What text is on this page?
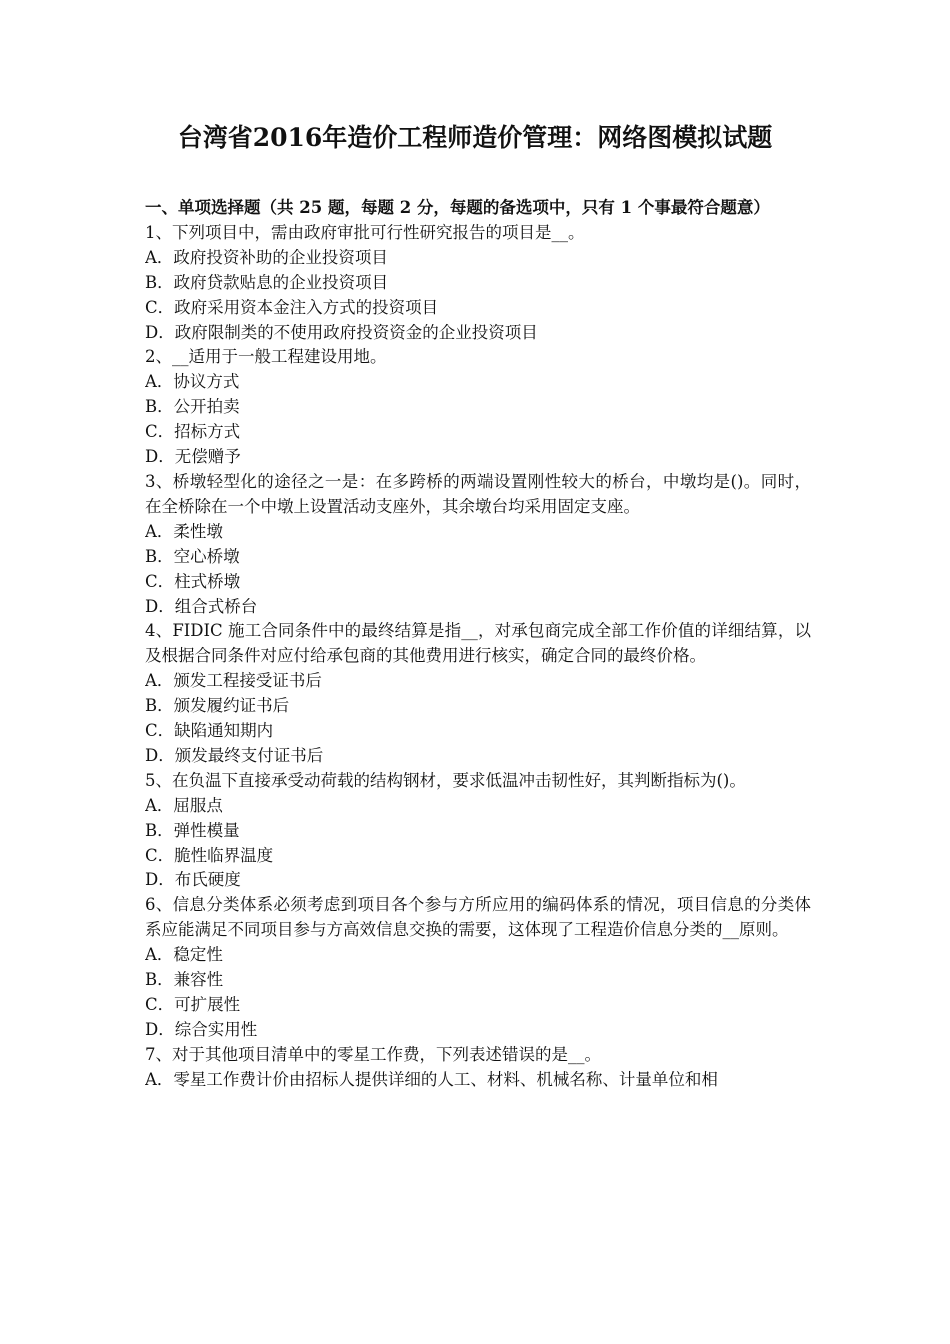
台湾省2016年造价工程师造价管理：网络图模拟试题
一、单项选择题（共 25 题，每题 2 分，每题的备选项中，只有 1 个事最符合题意）
1、下列项目中，需由政府审批可行性研究报告的项目是__。
A．政府投资补助的企业投资项目
B．政府贷款贴息的企业投资项目
C．政府采用资本金注入方式的投资项目
D．政府限制类的不使用政府投资资金的企业投资项目
2、__适用于一般工程建设用地。
A．协议方式
B．公开拍卖
C．招标方式
D．无偿赠予
3、桥墩轻型化的途径之一是：在多跨桥的两端设置刚性较大的桥台，中墩均是()。同时，在全桥除在一个中墩上设置活动支座外，其余墩台均采用固定支座。
A．柔性墩
B．空心桥墩
C．柱式桥墩
D．组合式桥台
4、FIDIC 施工合同条件中的最终结算是指__，对承包商完成全部工作价值的详细结算，以及根据合同条件对应付给承包商的其他费用进行核实，确定合同的最终价格。
A．颁发工程接受证书后
B．颁发履约证书后
C．缺陷通知期内
D．颁发最终支付证书后
5、在负温下直接承受动荷载的结构钢材，要求低温冲击韧性好，其判断指标为()。
A．屈服点
B．弹性模量
C．脆性临界温度
D．布氏硬度
6、信息分类体系必须考虑到项目各个参与方所应用的编码体系的情况，项目信息的分类体系应能满足不同项目参与方高效信息交换的需要，这体现了工程造价信息分类的__原则。
A．稳定性
B．兼容性
C．可扩展性
D．综合实用性
7、对于其他项目清单中的零星工作费，下列表述错误的是__。
A．零星工作费计价由招标人提供详细的人工、材料、机械名称、计量单位和相
